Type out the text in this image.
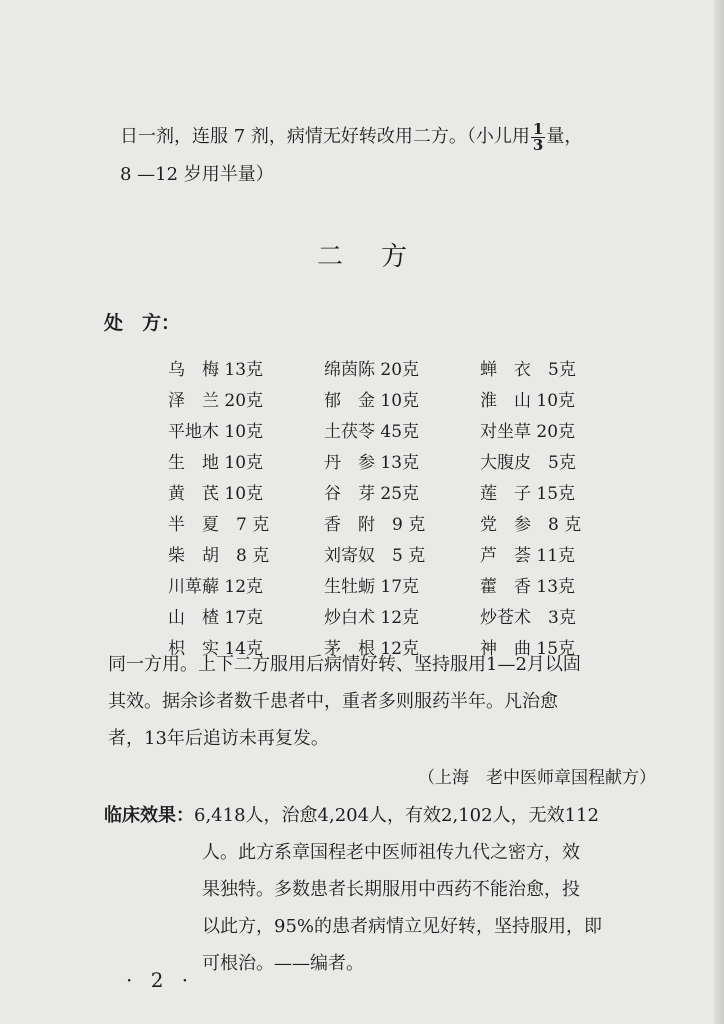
日一剂，连服 7 剂，病情无好转改用二方。（小儿用 $\frac{1}{3}$ 量，
8 —12 岁用半量）
二方
处　方：
乌　梅 13克	绵茵陈 20克	蝉　衣　5克
泽　兰 20克	郁　金 10克	淮　山 10克
平地木 10克	土茯苓 45克	对坐草 20克
生　地 10克	丹　参 13克	大腹皮　5克
黄　芪 10克	谷　芽 25克	莲　子 15克
半　夏　7 克	香　附　9 克	党　参　8 克
柴　胡　8 克	刘寄奴　5 克	芦　荟 11克
川萆薢 12克	生牡蛎 17克	藿　香 13克
山　楂 17克	炒白术 12克	炒苍术　3克
枳　实 14克	茅　根 12克	神　曲 15克
同一方用。上下二方服用后病情好转、坚持服用1—2月以固
其效。据余诊者数千患者中，重者多则服药半年。凡治愈
者，13年后追访未再复发。
（上海　老中医师章国程献方）
临床效果：6,418人，治愈4,204人，有效2,102人，无效112
人。此方系章国程老中医师祖传九代之密方，效
果独特。多数患者长期服用中西药不能治愈，投
以此方，95%的患者病情立见好转，坚持服用，即
可根治。——编者。
· 2 ·
